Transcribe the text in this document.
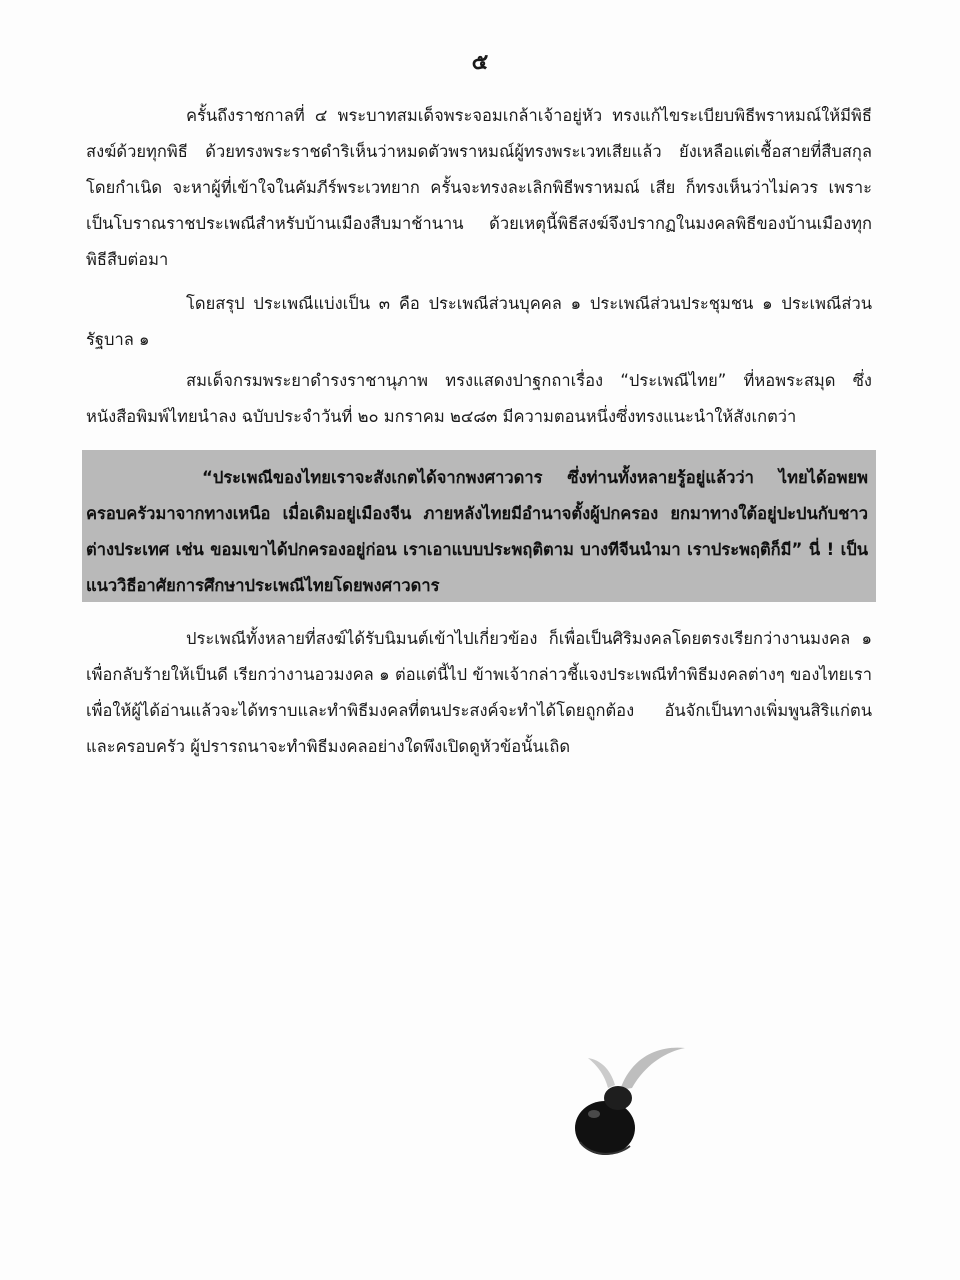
๕

ครั้นถึงราชกาลที่ ๔ พระบาทสมเด็จพระจอมเกล้าเจ้าอยู่หัว ทรงแก้ไขระเบียบพิธีพราหมณ์ให้มีพิธีสงฆ์ด้วยทุกพิธี ด้วยทรงพระราชดำริเห็นว่าหมดตัวพราหมณ์ผู้ทรงพระเวทเสียแล้ว ยังเหลือแต่เชื้อสายที่สืบสกุลโดยกำเนิด จะหาผู้ที่เข้าใจในคัมภีร์พระเวทยาก ครั้นจะทรงละเลิกพิธีพราหมณ์ เสีย ก็ทรงเห็นว่าไม่ควร เพราะเป็นโบราณราชประเพณีสำหรับบ้านเมืองสืบมาช้านาน ด้วยเหตุนี้พิธีสงฆ์จึงปรากฏในมงคลพิธีของบ้านเมืองทุกพิธีสืบต่อมา

โดยสรุป ประเพณีแบ่งเป็น ๓ คือ ประเพณีส่วนบุคคล ๑ ประเพณีส่วนประชุมชน ๑ ประเพณีส่วนรัฐบาล ๑

สมเด็จกรมพระยาดำรงราชานุภาพ ทรงแสดงปาฐกถาเรื่อง “ประเพณีไทย” ที่หอพระสมุด ซึ่งหนังสือพิมพ์ไทยนำลง ฉบับประจำวันที่ ๒๐ มกราคม ๒๔๘๓ มีความตอนหนึ่งซึ่งทรงแนะนำให้สังเกตว่า

“ประเพณีของไทยเราจะสังเกตได้จากพงศาวดาร ซึ่งท่านทั้งหลายรู้อยู่แล้วว่า ไทยได้อพยพครอบครัวมาจากทางเหนือ เมื่อเดิมอยู่เมืองจีน ภายหลังไทยมีอำนาจตั้งผู้ปกครอง ยกมาทางใต้อยู่ปะปนกับชาวต่างประเทศ เช่น ขอมเขาได้ปกครองอยู่ก่อน เราเอาแบบประพฤติตาม บางทีจีนนำมา เราประพฤติก็มี” นี่ ! เป็นแนววิธีอาศัยการศึกษาประเพณีไทยโดยพงศาวดาร

ประเพณีทั้งหลายที่สงฆ์ได้รับนิมนต์เข้าไปเกี่ยวข้อง ก็เพื่อเป็นศิริมงคลโดยตรงเรียกว่างานมงคล ๑ เพื่อกลับร้ายให้เป็นดี เรียกว่างานอวมงคล ๑ ต่อแต่นี้ไป ข้าพเจ้ากล่าวชี้แจงประเพณีทำพิธีมงคลต่างๆ ของไทยเรา เพื่อให้ผู้ได้อ่านแล้วจะได้ทราบและทำพิธีมงคลที่ตนประสงค์จะทำได้โดยถูกต้อง อันจักเป็นทางเพิ่มพูนสิริแก่ตนและครอบครัว ผู้ปรารถนาจะทำพิธีมงคลอย่างใดพึงเปิดดูหัวข้อนั้นเถิด
